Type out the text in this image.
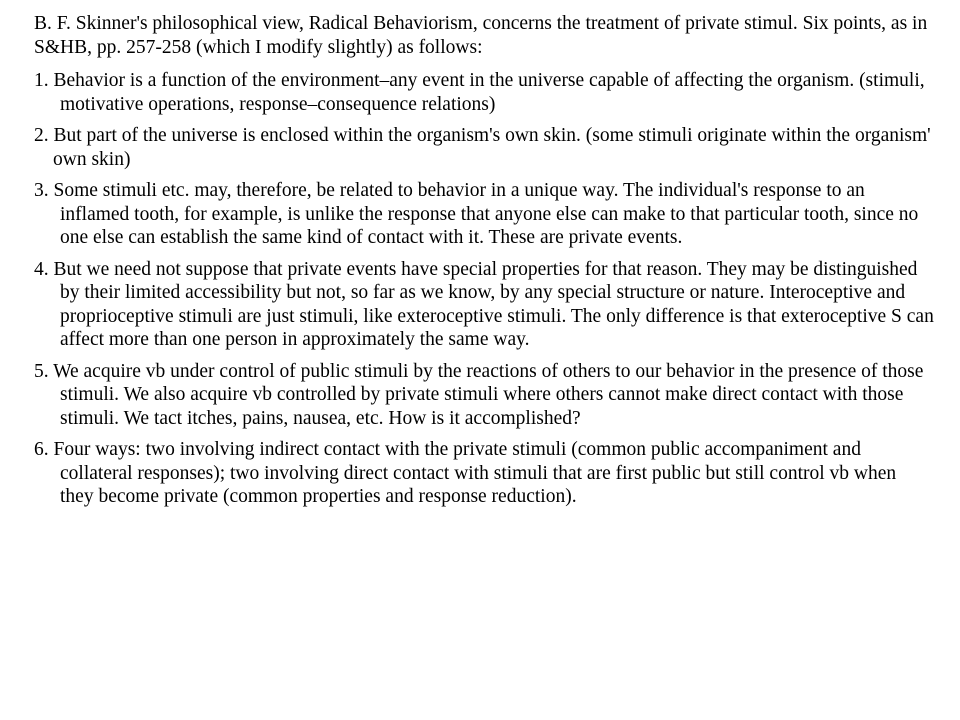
B. F. Skinner's philosophical view, Radical Behaviorism, concerns the treatment of private stimul. Six points, as in S&HB, pp. 257-258 (which I modify slightly) as follows:

1. Behavior is a function of the environment–any event in the universe capable of affecting the organism. (stimuli, motivative operations, response–consequence relations)

2. But part of the universe is enclosed within the organism's own skin. (some stimuli originate within the organism' own skin)

3. Some stimuli etc. may, therefore, be related to behavior in a unique way. The individual's response to an inflamed tooth, for example, is unlike the response that anyone else can make to that particular tooth, since no one else can establish the same kind of contact with it. These are private events.

4. But we need not suppose that private events have special properties for that reason. They may be distinguished by their limited accessibility but not, so far as we know, by any special structure or nature. Interoceptive and proprioceptive stimuli are just stimuli, like exteroceptive stimuli. The only difference is that exteroceptive S can affect more than one person in approximately the same way.

5. We acquire vb under control of public stimuli by the reactions of others to our behavior in the presence of those stimuli. We also acquire vb controlled by private stimuli where others cannot make direct contact with those stimuli. We tact itches, pains, nausea, etc. How is it accomplished?

6. Four ways: two involving indirect contact with the private stimuli (common public accompaniment and collateral responses); two involving direct contact with stimuli that are first public but still control vb when they become private (common properties and response reduction).
